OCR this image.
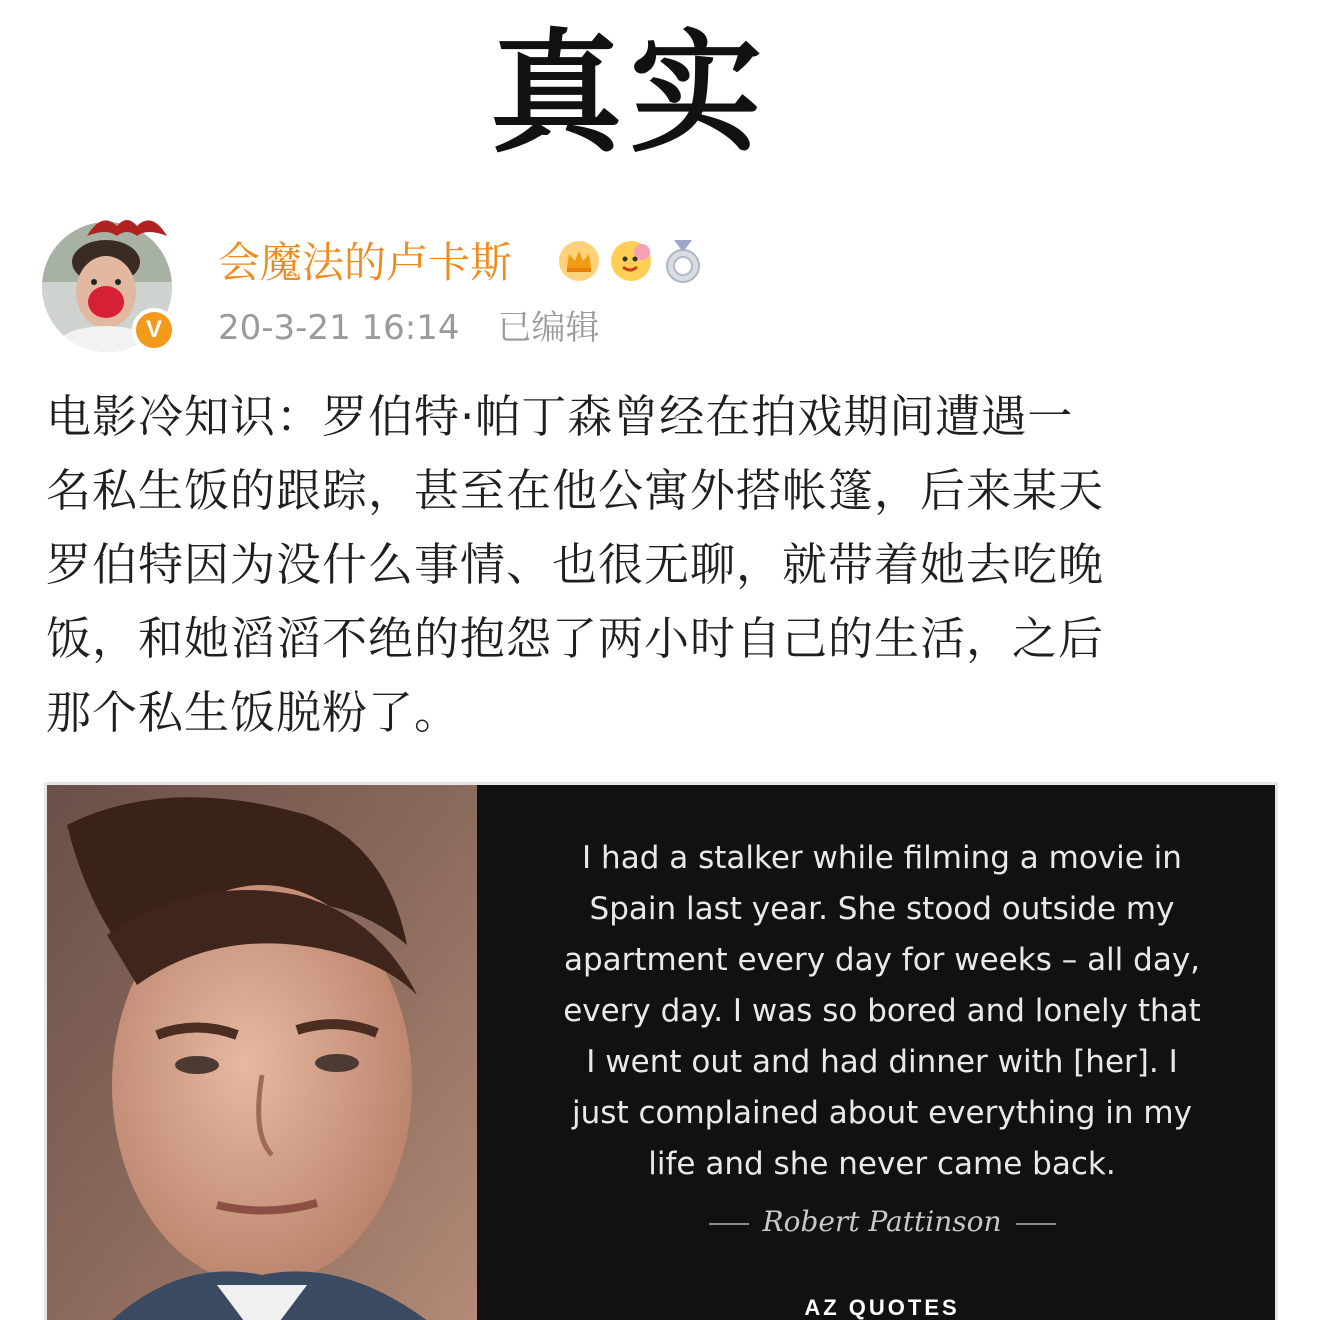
真实
V
会魔法的卢卡斯
20-3-21 16:14 已编辑
电影冷知识：罗伯特·帕丁森曾经在拍戏期间遭遇一
名私生饭的跟踪，甚至在他公寓外搭帐篷，后来某天
罗伯特因为没什么事情、也很无聊，就带着她去吃晚
饭，和她滔滔不绝的抱怨了两小时自己的生活，之后
那个私生饭脱粉了。
I had a stalker while filming a movie in
Spain last year. She stood outside my
apartment every day for weeks – all day,
every day. I was so bored and lonely that
I went out and had dinner with [her]. I
just complained about everything in my
life and she never came back.
Robert Pattinson
AZ QUOTES
